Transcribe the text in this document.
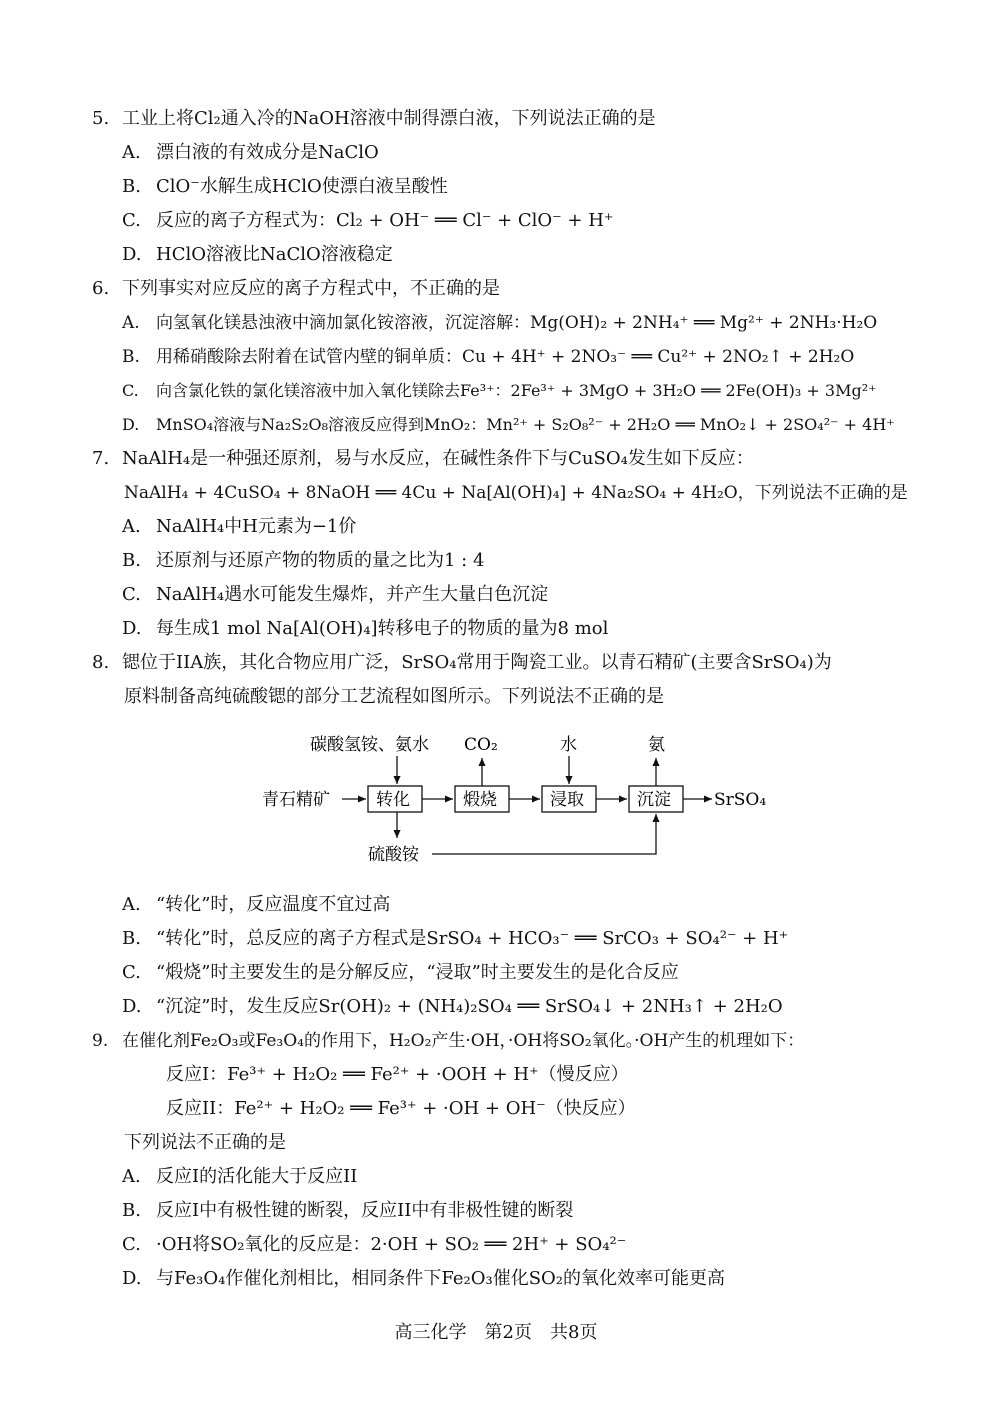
5. 工业上将Cl₂通入冷的NaOH溶液中制得漂白液，下列说法正确的是
A. 漂白液的有效成分是NaClO
B. ClO⁻水解生成HClO使漂白液呈酸性
C. 反应的离子方程式为：Cl₂ + OH⁻ ══ Cl⁻ + ClO⁻ + H⁺
D. HClO溶液比NaClO溶液稳定
6. 下列事实对应反应的离子方程式中，不正确的是
A. 向氢氧化镁悬浊液中滴加氯化铵溶液，沉淀溶解：Mg(OH)₂ + 2NH₄⁺ ══ Mg²⁺ + 2NH₃·H₂O
B. 用稀硝酸除去附着在试管内壁的铜单质：Cu + 4H⁺ + 2NO₃⁻ ══ Cu²⁺ + 2NO₂↑ + 2H₂O
C. 向含氯化铁的氯化镁溶液中加入氧化镁除去Fe³⁺：2Fe³⁺ + 3MgO + 3H₂O ══ 2Fe(OH)₃ + 3Mg²⁺
D. MnSO₄溶液与Na₂S₂O₈溶液反应得到MnO₂：Mn²⁺ + S₂O₈²⁻ + 2H₂O ══ MnO₂↓ + 2SO₄²⁻ + 4H⁺
7. NaAlH₄是一种强还原剂，易与水反应，在碱性条件下与CuSO₄发生如下反应：
NaAlH₄ + 4CuSO₄ + 8NaOH ══ 4Cu + Na[Al(OH)₄] + 4Na₂SO₄ + 4H₂O，下列说法不正确的是
A. NaAlH₄中H元素为−1价
B. 还原剂与还原产物的物质的量之比为1 : 4
C. NaAlH₄遇水可能发生爆炸，并产生大量白色沉淀
D. 每生成1 mol Na[Al(OH)₄]转移电子的物质的量为8 mol
8. 锶位于IIA族，其化合物应用广泛，SrSO₄常用于陶瓷工业。以青石精矿(主要含SrSO₄)为
原料制备高纯硫酸锶的部分工艺流程如图所示。下列说法不正确的是
碳酸氢铵、氨水 CO₂	水	氨
青石精矿	转化	煅烧	浸取	沉淀	SrSO₄
硫酸铵
A. “转化”时，反应温度不宜过高
B. “转化”时，总反应的离子方程式是SrSO₄ + HCO₃⁻ ══ SrCO₃ + SO₄²⁻ + H⁺
C. “煅烧”时主要发生的是分解反应，“浸取”时主要发生的是化合反应
D. “沉淀”时，发生反应Sr(OH)₂ + (NH₄)₂SO₄ ══ SrSO₄↓ + 2NH₃↑ + 2H₂O
9. 在催化剂Fe₂O₃或Fe₃O₄的作用下，H₂O₂产生·OH，·OH将SO₂氧化。·OH产生的机理如下：
反应I：Fe³⁺ + H₂O₂ ══ Fe²⁺ + ·OOH + H⁺（慢反应）
反应II：Fe²⁺ + H₂O₂ ══ Fe³⁺ + ·OH + OH⁻（快反应）
下列说法不正确的是
A. 反应I的活化能大于反应II
B. 反应I中有极性键的断裂，反应II中有非极性键的断裂
C. ·OH将SO₂氧化的反应是：2·OH + SO₂ ══ 2H⁺ + SO₄²⁻
D. 与Fe₃O₄作催化剂相比，相同条件下Fe₂O₃催化SO₂的氧化效率可能更高
高三化学　第2页　共8页
